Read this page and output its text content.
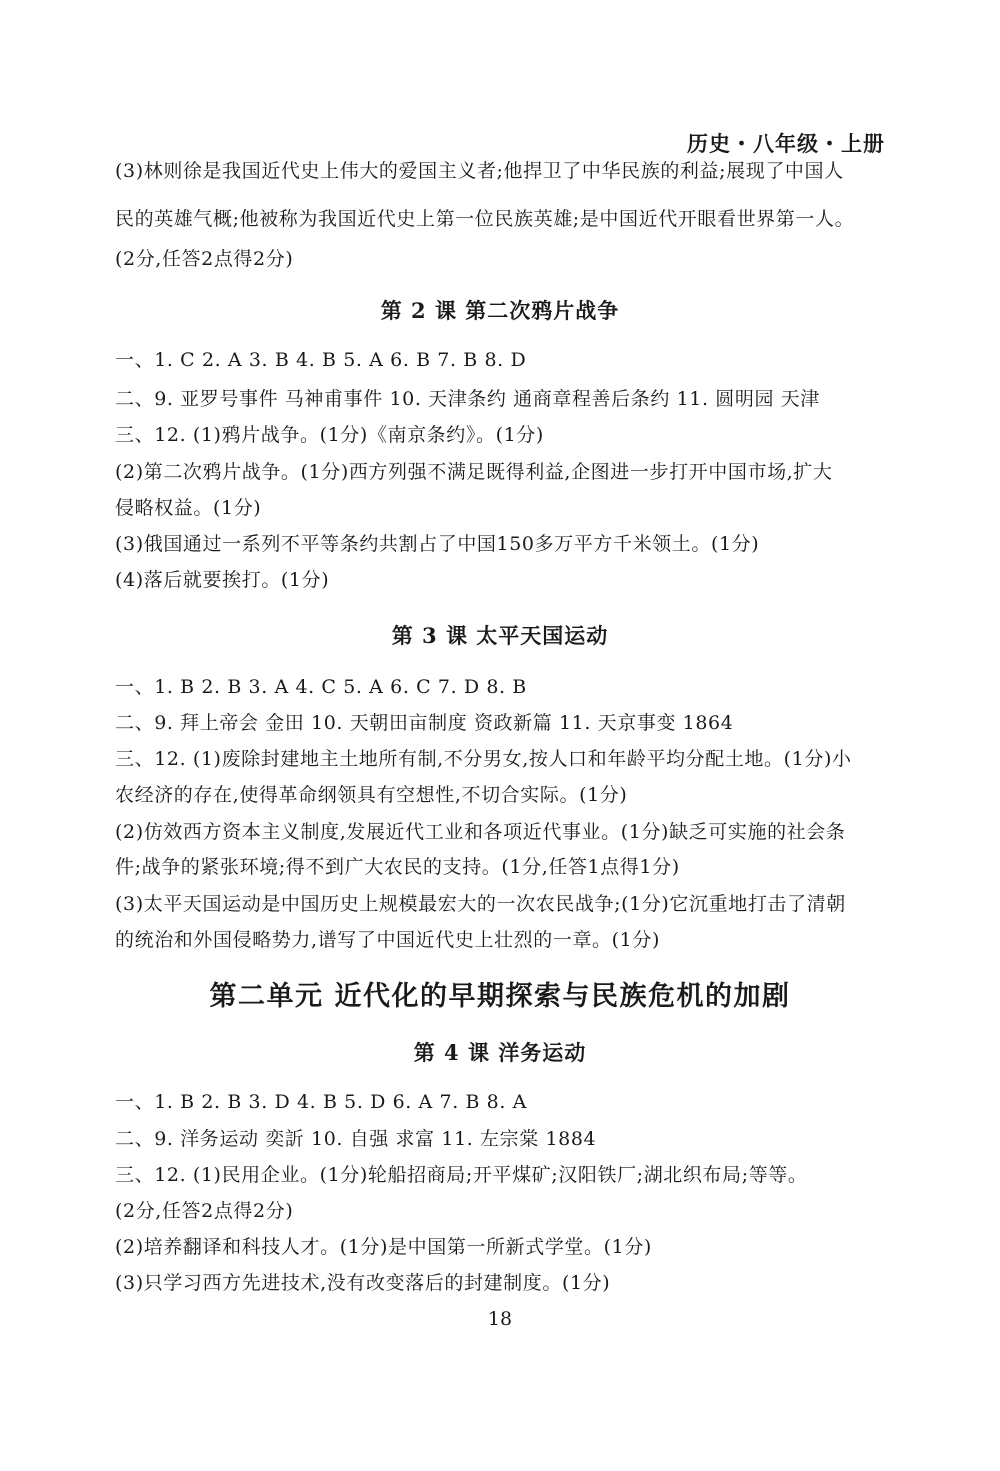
历史・八年级・上册
(3)林则徐是我国近代史上伟大的爱国主义者;他捍卫了中华民族的利益;展现了中国人
民的英雄气概;他被称为我国近代史上第一位民族英雄;是中国近代开眼看世界第一人。
(2分,任答2点得2分)
第 2 课 第二次鸦片战争
一、1. C 2. A 3. B 4. B 5. A 6. B 7. B 8. D
二、9. 亚罗号事件 马神甫事件 10. 天津条约 通商章程善后条约 11. 圆明园 天津
三、12. (1)鸦片战争。(1分)《南京条约》。(1分)
(2)第二次鸦片战争。(1分)西方列强不满足既得利益,企图进一步打开中国市场,扩大
侵略权益。(1分)
(3)俄国通过一系列不平等条约共割占了中国150多万平方千米领土。(1分)
(4)落后就要挨打。(1分)
第 3 课 太平天国运动
一、1. B 2. B 3. A 4. C 5. A 6. C 7. D 8. B
二、9. 拜上帝会 金田 10. 天朝田亩制度 资政新篇 11. 天京事变 1864
三、12. (1)废除封建地主土地所有制,不分男女,按人口和年龄平均分配土地。(1分)小
农经济的存在,使得革命纲领具有空想性,不切合实际。(1分)
(2)仿效西方资本主义制度,发展近代工业和各项近代事业。(1分)缺乏可实施的社会条
件;战争的紧张环境;得不到广大农民的支持。(1分,任答1点得1分)
(3)太平天国运动是中国历史上规模最宏大的一次农民战争;(1分)它沉重地打击了清朝
的统治和外国侵略势力,谱写了中国近代史上壮烈的一章。(1分)
第二单元 近代化的早期探索与民族危机的加剧
第 4 课 洋务运动
一、1. B 2. B 3. D 4. B 5. D 6. A 7. B 8. A
二、9. 洋务运动 奕訢 10. 自强 求富 11. 左宗棠 1884
三、12. (1)民用企业。(1分)轮船招商局;开平煤矿;汉阳铁厂;湖北织布局;等等。
(2分,任答2点得2分)
(2)培养翻译和科技人才。(1分)是中国第一所新式学堂。(1分)
(3)只学习西方先进技术,没有改变落后的封建制度。(1分)
18
